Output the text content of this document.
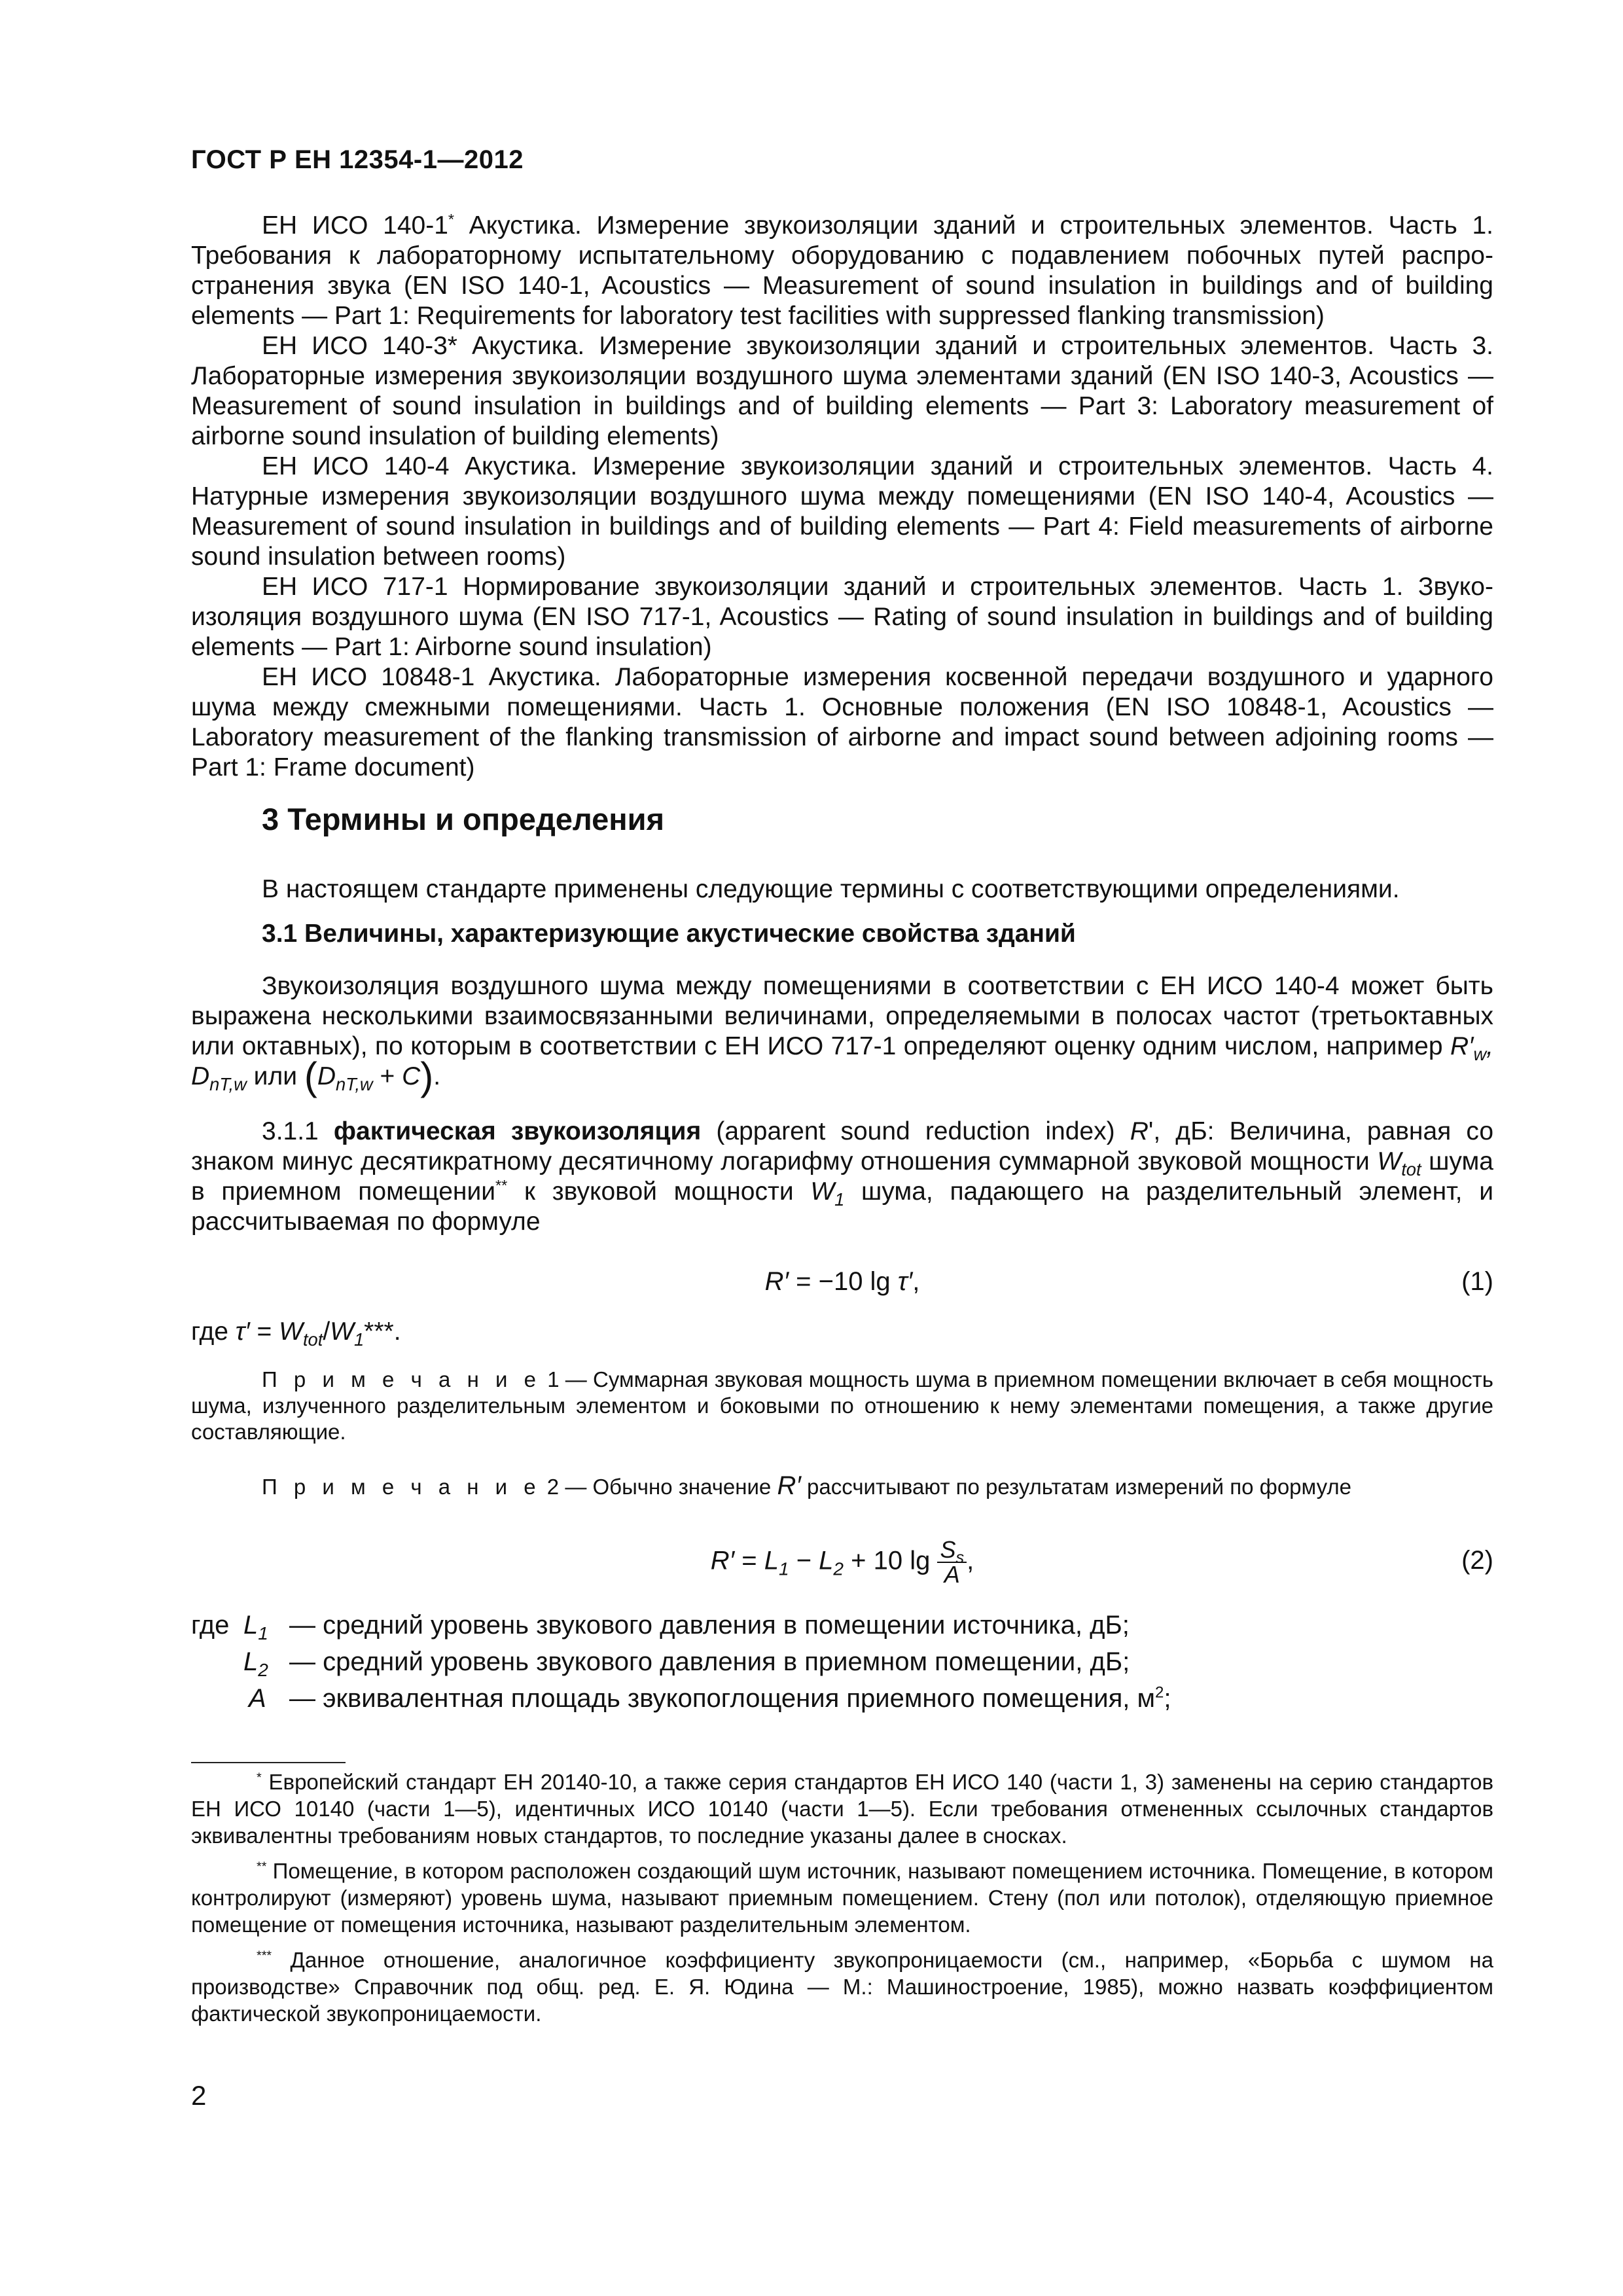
ГОСТ Р ЕН 12354-1—2012
ЕН ИСО 140-1* Акустика. Измерение звукоизоляции зданий и строительных элементов. Часть 1. Требования к лабораторному испытательному оборудованию с подавлением побочных путей распространения звука (EN ISO 140-1, Acoustics — Measurement of sound insulation in buildings and of building elements — Part 1: Requirements for laboratory test facilities with suppressed flanking transmission)
ЕН ИСО 140-3* Акустика. Измерение звукоизоляции зданий и строительных элементов. Часть 3. Лабораторные измерения звукоизоляции воздушного шума элементами зданий (EN ISO 140-3, Acoustics — Measurement of sound insulation in buildings and of building elements — Part 3: Laboratory measurement of airborne sound insulation of building elements)
ЕН ИСО 140-4 Акустика. Измерение звукоизоляции зданий и строительных элементов. Часть 4. Натурные измерения звукоизоляции воздушного шума между помещениями (EN ISO 140-4, Acoustics — Measurement of sound insulation in buildings and of building elements — Part 4: Field measurements of airborne sound insulation between rooms)
ЕН ИСО 717-1 Нормирование звукоизоляции зданий и строительных элементов. Часть 1. Звукоизоляция воздушного шума (EN ISO 717-1, Acoustics — Rating of sound insulation in buildings and of building elements — Part 1: Airborne sound insulation)
ЕН ИСО 10848-1 Акустика. Лабораторные измерения косвенной передачи воздушного и ударного шума между смежными помещениями. Часть 1. Основные положения (EN ISO 10848-1, Acoustics — Laboratory measurement of the flanking transmission of airborne and impact sound between adjoining rooms — Part 1: Frame document)
3 Термины и определения
В настоящем стандарте применены следующие термины с соответствующими определениями.
3.1 Величины, характеризующие акустические свойства зданий
Звукоизоляция воздушного шума между помещениями в соответствии с ЕН ИСО 140-4 может быть выражена несколькими взаимосвязанными величинами, определяемыми в полосах частот (третьоктавных или октавных), по которым в соответствии с ЕН ИСО 717-1 определяют оценку одним числом, например $R'_w$, $D_{nT,w}$ или $(D_{nT,w} + C)$.
3.1.1 фактическая звукоизоляция (apparent sound reduction index) R', дБ: Величина, равная со знаком минус десятикратному десятичному логарифму отношения суммарной звуковой мощности $W_{tot}$ шума в приемном помещении** к звуковой мощности $W_1$ шума, падающего на разделительный элемент, и рассчитываемая по формуле
R′ = −10 lg τ′,	(1)
где $\tau' = W_{tot}/W_1***$.
П р и м е ч а н и е 1 — Суммарная звуковая мощность шума в приемном помещении включает в себя мощность шума, излученного разделительным элементом и боковыми по отношению к нему элементами помещения, а также другие составляющие.
П р и м е ч а н и е 2 — Обычно значение R′ рассчитывают по результатам измерений по формуле
$R' = L_1 - L_2 + 10$ $\lg \frac{S_s}{A}$ ,	(2)
где $L_1$ — средний уровень звукового давления в помещении источника, дБ;
$L_2$ — средний уровень звукового давления в приемном помещении, дБ;
A — эквивалентная площадь звукопоглощения приемного помещения, $м^2$;
* Европейский стандарт ЕН 20140-10, а также серия стандартов ЕН ИСО 140 (части 1, 3) заменены на серию стандартов ЕН ИСО 10140 (части 1—5), идентичных ИСО 10140 (части 1—5). Если требования отмененных ссылочных стандартов эквивалентны требованиям новых стандартов, то последние указаны далее в сносках.
** Помещение, в котором расположен создающий шум источник, называют помещением источника. Помещение, в котором контролируют (измеряют) уровень шума, называют приемным помещением. Стену (пол или потолок), отделяющую приемное помещение от помещения источника, называют разделительным элементом.
*** Данное отношение, аналогичное коэффициенту звукопроницаемости (см., например, «Борьба с шумом на производстве» Справочник под общ. ред. Е. Я. Юдина — М.: Машиностроение, 1985), можно назвать коэффициентом фактической звукопроницаемости.
2
